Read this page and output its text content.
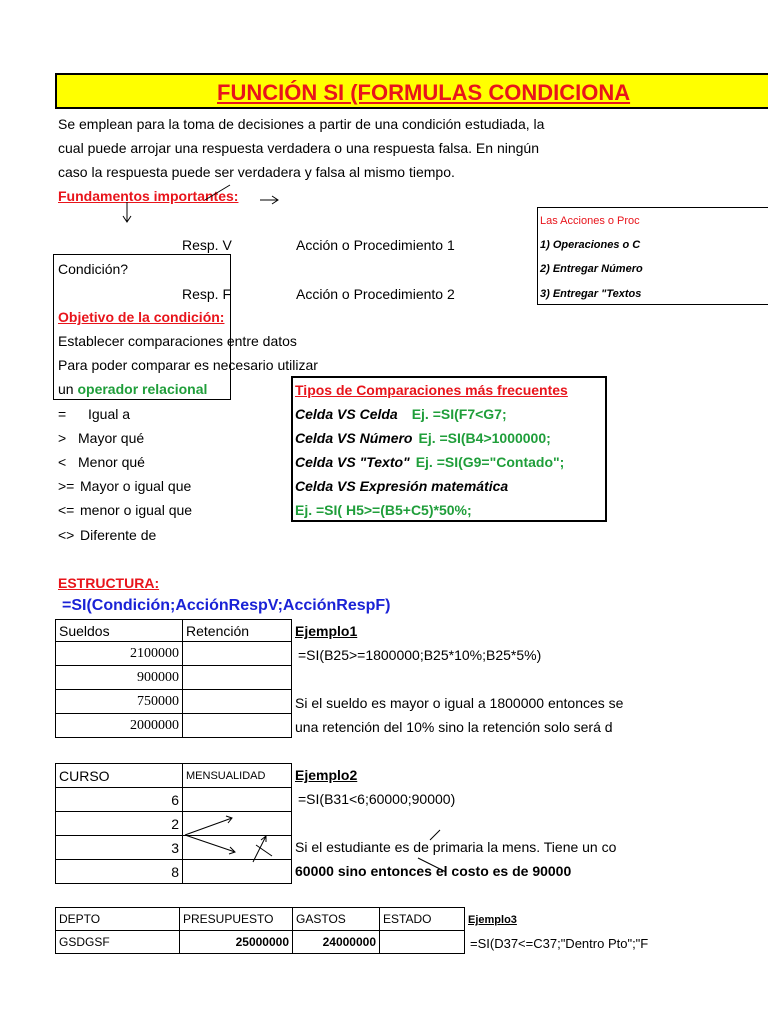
FUNCIÓN SI (FORMULAS CONDICIONA
Se emplean para la toma de decisiones a partir de una condición estudiada, la
cual puede arrojar una respuesta verdadera o una respuesta falsa. En ningún
caso la respuesta puede ser verdadera y falsa al mismo tiempo.
Fundamentos importantes:
Resp. V	Acción o Procedimiento 1
Condición?
Resp. F	Acción o Procedimiento 2
Las Acciones o Proc
1) Operaciones o C
2) Entregar Número
3) Entregar "Textos
Objetivo de la condición:
Establecer comparaciones entre datos
Para poder comparar es necesario utilizar
un operador relacional
= Igual a
> Mayor qué
< Menor qué
>= Mayor o igual que
<= menor o igual que
<> Diferente de
Tipos de Comparaciones más frecuentes
Celda VS Celda Ej. =SI(F7<G7;
Celda VS Número Ej. =SI(B4>1000000;
Celda VS "Texto" Ej. =SI(G9="Contado";
Celda VS Expresión matemática
Ej. =SI( H5>=(B5+C5)*50%;
ESTRUCTURA:
=SI(Condición;AcciónRespV;AcciónRespF)
Sueldos	Retención
2100000	
900000	
750000	
2000000	
Ejemplo1
=SI(B25>=1800000;B25*10%;B25*5%)
Si el sueldo es mayor o igual a 1800000 entonces se
una retención del 10% sino la retención solo será d
CURSO	MENSUALIDAD
6	
2	
3	
8	
Ejemplo2
=SI(B31<6;60000;90000)
Si el estudiante es de primaria la mens. Tiene un co
60000 sino entonces el costo es de 90000
DEPTO	PRESUPUESTO	GASTOS	ESTADO
GSDGSF	25000000	24000000	
Ejemplo3
=SI(D37<=C37;"Dentro Pto";"F
